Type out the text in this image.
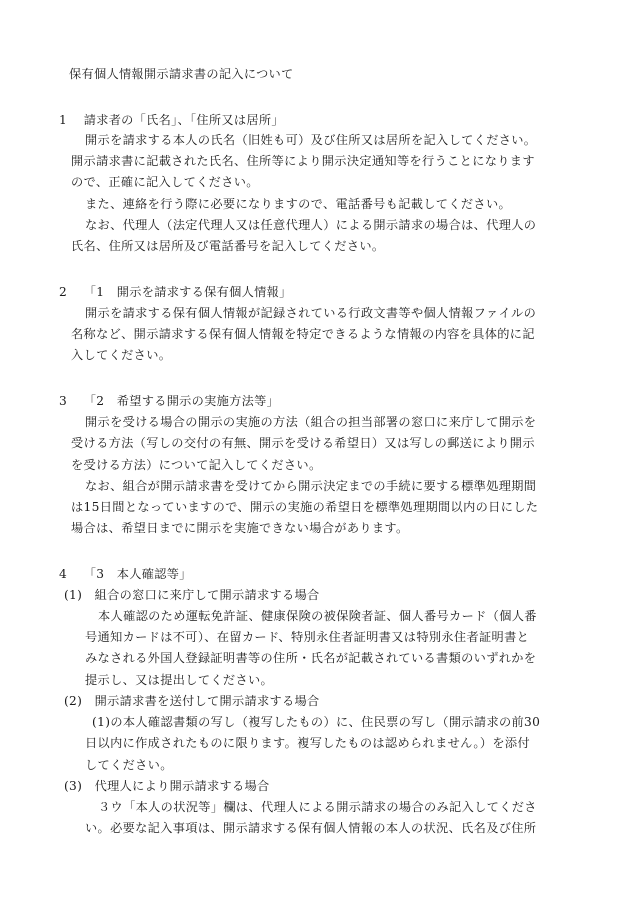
保有個人情報開示請求書の記入について

1　 請求者の「氏名」、「住所又は居所」

開示を請求する本人の氏名（旧姓も可）及び住所又は居所を記入してください。

開示請求書に記載された氏名、住所等により開示決定通知等を行うことになります

ので、正確に記入してください。

また、連絡を行う際に必要になりますので、電話番号も記載してください。

なお、代理人（法定代理人又は任意代理人）による開示請求の場合は、代理人の

氏名、住所又は居所及び電話番号を記入してください。

2　 「1　開示を請求する保有個人情報」

開示を請求する保有個人情報が記録されている行政文書等や個人情報ファイルの

名称など、開示請求する保有個人情報を特定できるような情報の内容を具体的に記

入してください。

3　 「2　希望する開示の実施方法等」

開示を受ける場合の開示の実施の方法（組合の担当部署の窓口に来庁して開示を

受ける方法（写しの交付の有無、開示を受ける希望日）又は写しの郵送により開示

を受ける方法）について記入してください。

なお、組合が開示請求書を受けてから開示決定までの手続に要する標準処理期間

は15日間となっていますので、開示の実施の希望日を標準処理期間以内の日にした

場合は、希望日までに開示を実施できない場合があります。

4　 「3　本人確認等」

(1)　組合の窓口に来庁して開示請求する場合

本人確認のため運転免許証、健康保険の被保険者証、個人番号カード（個人番

号通知カードは不可）、在留カード、特別永住者証明書又は特別永住者証明書と

みなされる外国人登録証明書等の住所・氏名が記載されている書類のいずれかを

提示し、又は提出してください。

(2)　開示請求書を送付して開示請求する場合

(1)の本人確認書類の写し（複写したもの）に、住民票の写し（開示請求の前30

日以内に作成されたものに限ります。複写したものは認められません。）を添付

してください。

(3)　代理人により開示請求する場合

３ウ「本人の状況等」欄は、代理人による開示請求の場合のみ記入してくださ

い。必要な記入事項は、開示請求する保有個人情報の本人の状況、氏名及び住所
